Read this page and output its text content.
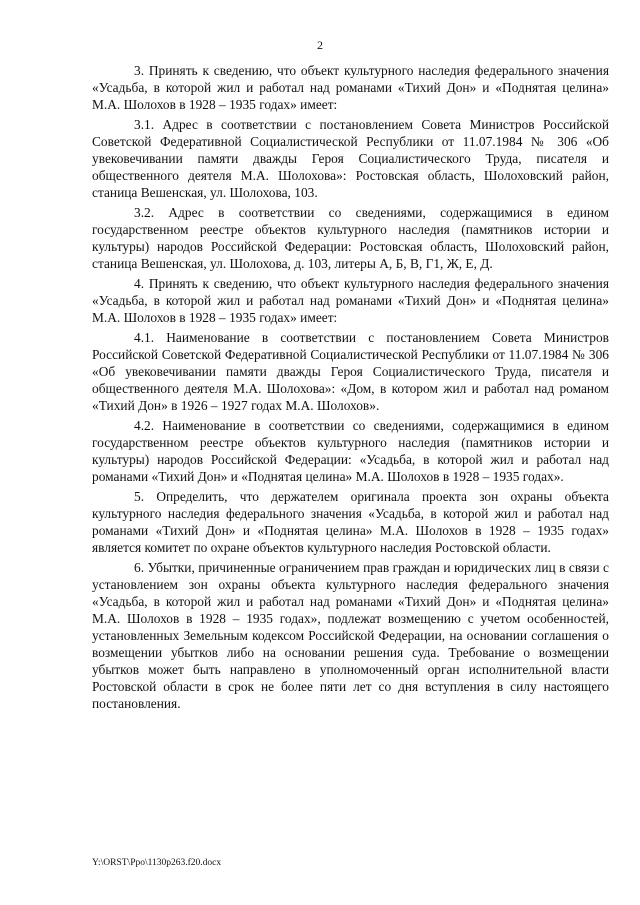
2

3. Принять к сведению, что объект культурного наследия федерального значения «Усадьба, в которой жил и работал над романами «Тихий Дон» и «Поднятая целина» М.А. Шолохов в 1928 – 1935 годах» имеет:

3.1. Адрес в соответствии с постановлением Совета Министров Российской Советской Федеративной Социалистической Республики от 11.07.1984 № 306 «Об увековечивании памяти дважды Героя Социалистического Труда, писателя и общественного деятеля М.А. Шолохова»: Ростовская область, Шолоховский район, станица Вешенская, ул. Шолохова, 103.

3.2. Адрес в соответствии со сведениями, содержащимися в едином государственном реестре объектов культурного наследия (памятников истории и культуры) народов Российской Федерации: Ростовская область, Шолоховский район, станица Вешенская, ул. Шолохова, д. 103, литеры А, Б, В, Г1, Ж, Е, Д.

4. Принять к сведению, что объект культурного наследия федерального значения «Усадьба, в которой жил и работал над романами «Тихий Дон» и «Поднятая целина» М.А. Шолохов в 1928 – 1935 годах» имеет:

4.1. Наименование в соответствии с постановлением Совета Министров Российской Советской Федеративной Социалистической Республики от 11.07.1984 № 306 «Об увековечивании памяти дважды Героя Социалистического Труда, писателя и общественного деятеля М.А. Шолохова»: «Дом, в котором жил и работал над романом «Тихий Дон» в 1926 – 1927 годах М.А. Шолохов».

4.2. Наименование в соответствии со сведениями, содержащимися в едином государственном реестре объектов культурного наследия (памятников истории и культуры) народов Российской Федерации: «Усадьба, в которой жил и работал над романами «Тихий Дон» и «Поднятая целина» М.А. Шолохов в 1928 – 1935 годах».

5. Определить, что держателем оригинала проекта зон охраны объекта культурного наследия федерального значения «Усадьба, в которой жил и работал над романами «Тихий Дон» и «Поднятая целина» М.А. Шолохов в 1928 – 1935 годах» является комитет по охране объектов культурного наследия Ростовской области.

6. Убытки, причиненные ограничением прав граждан и юридических лиц в связи с установлением зон охраны объекта культурного наследия федерального значения «Усадьба, в которой жил и работал над романами «Тихий Дон» и «Поднятая целина» М.А. Шолохов в 1928 – 1935 годах», подлежат возмещению с учетом особенностей, установленных Земельным кодексом Российской Федерации, на основании соглашения о возмещении убытков либо на основании решения суда. Требование о возмещении убытков может быть направлено в уполномоченный орган исполнительной власти Ростовской области в срок не более пяти лет со дня вступления в силу настоящего постановления.

Y:\ORST\Ppo\1130p263.f20.docx
